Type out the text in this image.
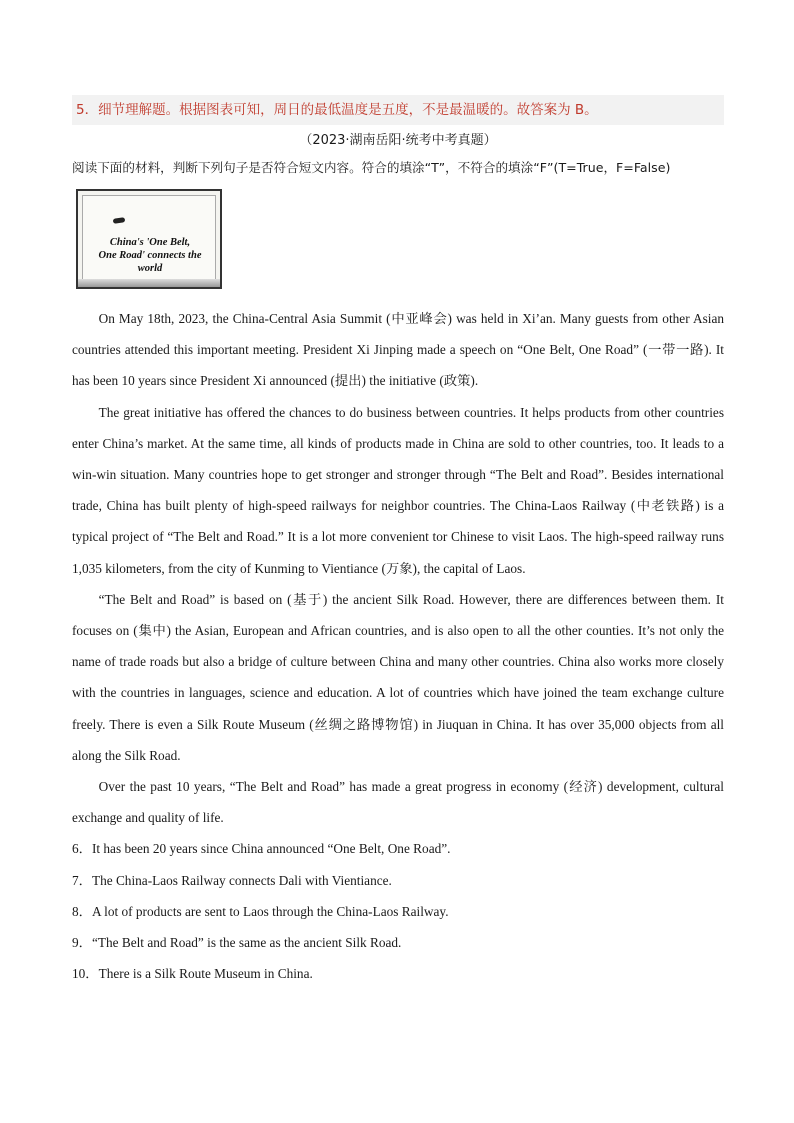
5．细节理解题。根据图表可知，周日的最低温度是五度，不是最温暖的。故答案为 B。
（2023·湖南岳阳·统考中考真题）
阅读下面的材料，判断下列句子是否符合短文内容。符合的填涂“T”，不符合的填涂“F”(T=True，F=False)
China's 'One Belt,
One Road' connects the world

On May 18th, 2023, the China-Central Asia Summit (中亚峰会) was held in Xi’an. Many guests from other Asian countries attended this important meeting. President Xi Jinping made a speech on “One Belt, One Road” (一带一路). It has been 10 years since President Xi announced (提出) the initiative (政策).

The great initiative has offered the chances to do business between countries. It helps products from other countries enter China’s market. At the same time, all kinds of products made in China are sold to other countries, too. It leads to a win-win situation. Many countries hope to get stronger and stronger through “The Belt and Road”. Besides international trade, China has built plenty of high-speed railways for neighbor countries. The China-Laos Railway (中老铁路) is a typical project of “The Belt and Road.” It is a lot more convenient tor Chinese to visit Laos. The high-speed railway runs 1,035 kilometers, from the city of Kunming to Vientiance (万象), the capital of Laos.

“The Belt and Road” is based on (基于) the ancient Silk Road. However, there are differences between them. It focuses on (集中) the Asian, European and African countries, and is also open to all the other counties. It’s not only the name of trade roads but also a bridge of culture between China and many other countries. China also works more closely with the countries in languages, science and education. A lot of countries which have joined the team exchange culture freely. There is even a Silk Route Museum (丝绸之路博物馆) in Jiuquan in China. It has over 35,000 objects from all along the Silk Road.

Over the past 10 years, “The Belt and Road” has made a great progress in economy (经济) development, cultural exchange and quality of life.

6．It has been 20 years since China announced “One Belt, One Road”.

7．The China-Laos Railway connects Dali with Vientiance.

8．A lot of products are sent to Laos through the China-Laos Railway.

9．“The Belt and Road” is the same as the ancient Silk Road.

10．There is a Silk Route Museum in China.
